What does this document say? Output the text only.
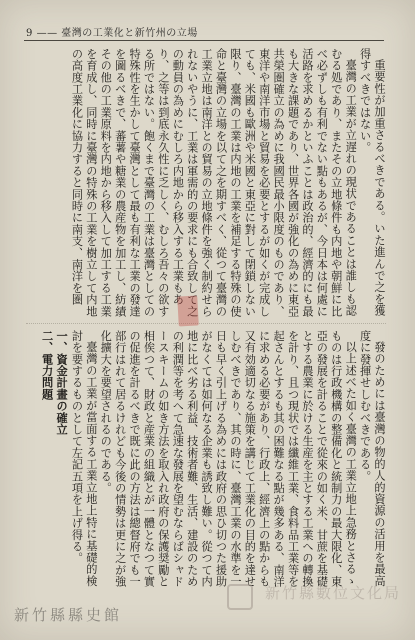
9 —— 臺灣の工業化と新竹州の立場

重要性が加重さるべきである。いた進んで之を獲得すべきではない。

臺灣の工業が立遅れの現状であることは誰しも認むる処であり、またその立地條件も内地や朝鮮に比べ必ずしも有利でない點もあるが、今日本は何處に活路を求めるかといふことは政治的、經濟的にも最も大きな課題であり、世界各國が強化の為めに東亞共榮圏確立の為めに我國民最小限度のものであり、東洋や南洋市場と貿易を必要とするが如くが完成しても、米國も歐洲や米國と東亞に對して閉鎖しない限り、臺灣の工業は内地の工業を補足する特殊の使命と臺灣の立場を以て之を期すべく、從つて臺灣の工業立地は南洋との貿易の立地條件を強く制約せられないやうに、工業は軍需的の要求にも合致して之の動員の為めにむしろ内地から移入する工業もあり、之等は到底永久性に乏しく、むしろ吾々の欲する所ではない。飽くまで臺灣の工業は臺灣としての特殊性を生かして臺灣として最も有利な工業の發達を圖るべきで、蕃薯や糖業の農産物を加工し、紡績その他の工業原料を内地から移入して加工する工業を育成し、同時に臺灣の特殊の工業を樹立して内地の高度工業化に協力すると同時に南支、南洋を圏

發のためには臺灣の物的人的資源の活用を最高度に發揮せしむべきである。

以上述べた如く臺灣の工業立地上急務とさるゝものは行政機構の整備化と統制力の最大限化、東亞の發展を計ることで從來の如く米、甘蔗を基礎とする農業に於ける生産を主とする工業への轉換を計り、且つ現状では纖維工業、食料品工業等を起さんとするも其の困難なる點が幾多ある、南洋に求める必要があり、行政上、經濟上の點からも又有効適切なる施策を講じて工業化の目的を達せしむべきであり、其の時に、臺灣工業の水準を一日も早く引上げる為めには政府の思ひ切つた援助がなくては如何なる企業も誘致し難い。從つて内地に比べ劣る利益、技術者難、生活、建設のための利潤等を考へて急速な發展を望むならばシャドースキームの如き方法を取入れ政府の保護奨勵と相俟つて、財政と産業の組織とが一體となつて實の促進を計るべきで既に此の方法は總督府でも一部行はれて居るけれども今後の情勢は更に之が強化擴大を要望されるのである。

臺灣の工業が當面する工業立地上特に基礎的検討を要するものとして左記五項を上げ得る。

一、資金計畫の確立

二、電力問題

新竹縣數位文化局
新竹縣縣史館
